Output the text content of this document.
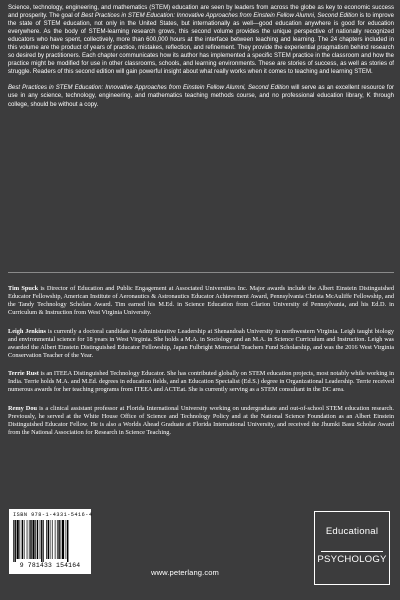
Science, technology, engineering, and mathematics (STEM) education are seen by leaders from across the globe as key to economic success and prosperity. The goal of Best Practices in STEM Education: Innovative Approaches from Einstein Fellow Alumni, Second Edition is to improve the state of STEM education, not only in the United States, but internationally as well—good education anywhere is good for education everywhere. As the body of STEM-learning research grows, this second volume provides the unique perspective of nationally recognized educators who have spent, collectively, more than 600,000 hours at the interface between teaching and learning. The 24 chapters included in this volume are the product of years of practice, mistakes, reflection, and refinement. They provide the experiential pragmatism behind research so desired by practitioners. Each chapter communicates how its author has implemented a specific STEM practice in the classroom and how the practice might be modified for use in other classrooms, schools, and learning environments. These are stories of success, as well as stories of struggle. Readers of this second edition will gain powerful insight about what really works when it comes to teaching and learning STEM.

Best Practices in STEM Education: Innovative Approaches from Einstein Fellow Alumni, Second Edition will serve as an excellent resource for use in any science, technology, engineering, and mathematics teaching methods course, and no professional education library, K through college, should be without a copy.

Tim Spuck is Director of Education and Public Engagement at Associated Universities Inc. Major awards include the Albert Einstein Distinguished Educator Fellowship, American Institute of Aeronautics & Astronautics Educator Achievement Award, Pennsylvania Christa McAuliffe Fellowship, and the Tandy Technology Scholars Award. Tim earned his M.Ed. in Science Education from Clarion University of Pennsylvania, and his Ed.D. in Curriculum & Instruction from West Virginia University.

Leigh Jenkins is currently a doctoral candidate in Administrative Leadership at Shenandoah University in northwestern Virginia. Leigh taught biology and environmental science for 18 years in West Virginia. She holds a M.A. in Sociology and an M.A. in Science Curriculum and Instruction. Leigh was awarded the Albert Einstein Distinguished Educator Fellowship, Japan Fulbright Memorial Teachers Fund Scholarship, and was the 2016 West Virginia Conservation Teacher of the Year.

Terrie Rust is an ITEEA Distinguished Technology Educator. She has contributed globally on STEM education projects, most notably while working in India. Terrie holds M.A. and M.Ed. degrees in education fields, and an Education Specialist (Ed.S.) degree in Organizational Leadership. Terrie received numerous awards for her teaching programs from ITEEA and ACTEat. She is currently serving as a STEM consultant in the DC area.

Remy Dou is a clinical assistant professor at Florida International University working on undergraduate and out-of-school STEM education research. Previously, he served at the White House Office of Science and Technology Policy and at the National Science Foundation as an Albert Einstein Distinguished Educator Fellow. He is also a Worlds Ahead Graduate at Florida International University, and received the Jhumki Basu Scholar Award from the National Association for Research in Science Teaching.

ISBN 978-1-4331-5416-4
9 781433 154164
www.peterlang.com
Educational
PSYCHOLOGY
